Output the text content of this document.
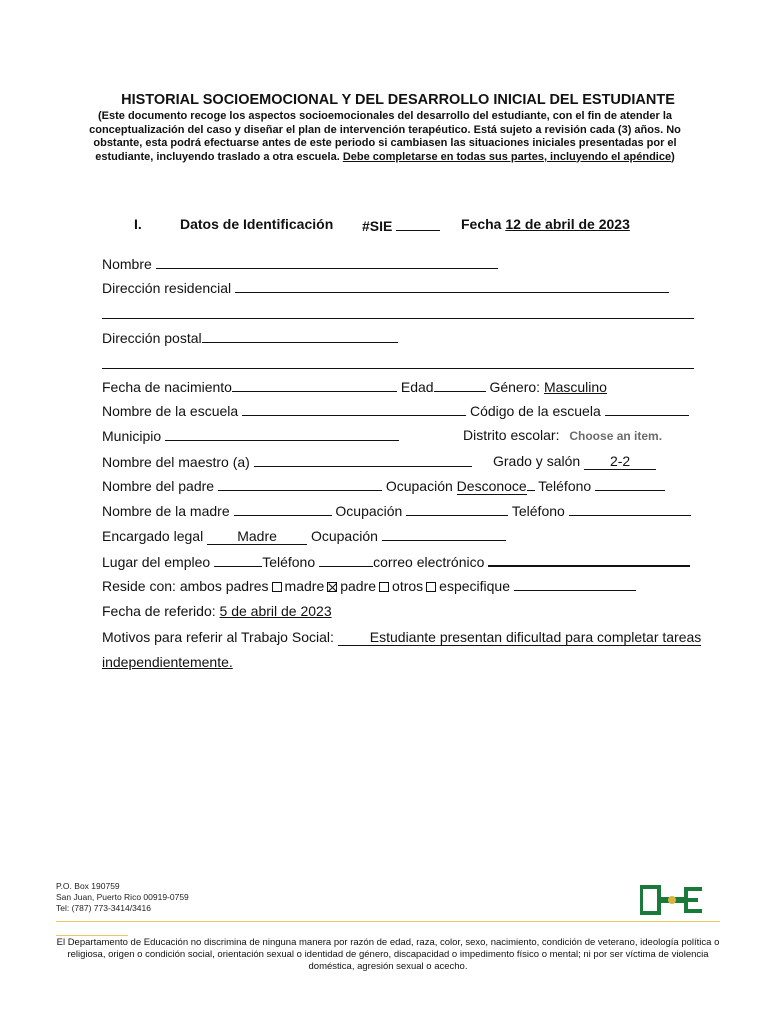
HISTORIAL SOCIOEMOCIONAL Y DEL DESARROLLO INICIAL DEL ESTUDIANTE
(Este documento recoge los aspectos socioemocionales del desarrollo del estudiante, con el fin de atender la conceptualización del caso y diseñar el plan de intervención terapéutico. Está sujeto a revisión cada (3) años. No obstante, esta podrá efectuarse antes de este periodo si cambiasen las situaciones iniciales presentadas por el estudiante, incluyendo traslado a otra escuela. Debe completarse en todas sus partes, incluyendo el apéndice)
I.	Datos de Identificación #SIE	Fecha 12 de abril de 2023
Nombre
Dirección residencial
Dirección postal
Fecha de nacimiento	Edad	Género: Masculino
Nombre de la escuela	Código de la escuela
Municipio	Distrito escolar: Choose an item.
Nombre del maestro (a)	Grado y salón 2-2
Nombre del padre	Ocupación Desconoce Teléfono
Nombre de la madre	Ocupación	Teléfono
Encargado legal Madre Ocupación
Lugar del empleo	Teléfono	correo electrónico
Reside con: ambos padres madre padre otros especifique
Fecha de referido: 5 de abril de 2023
Motivos para referir al Trabajo Social:	Estudiante presentan dificultad para completar tareas
independientemente.
P.O. Box 190759
San Juan, Puerto Rico 00919-0759
Tel: (787) 773-3414/3416
El Departamento de Educación no discrimina de ninguna manera por razón de edad, raza, color, sexo, nacimiento, condición de veterano, ideología política o religiosa, origen o condición social, orientación sexual o identidad de género, discapacidad o impedimento físico o mental; ni por ser víctima de violencia doméstica, agresión sexual o acecho.
